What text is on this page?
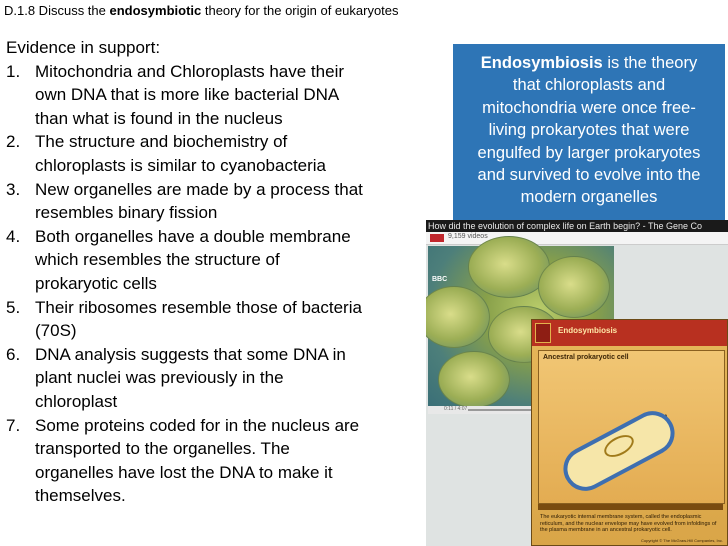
D.1.8 Discuss the endosymbiotic theory for the origin of eukaryotes
Evidence in support:
1. Mitochondria and Chloroplasts have their
own DNA that is more like bacterial DNA
than what is found in the nucleus
2. The structure and biochemistry of
chloroplasts is similar to cyanobacteria
3. New organelles are made by a process that
resembles binary fission
4. Both organelles have a double membrane
which resembles the structure of
prokaryotic cells
5. Their ribosomes resemble those of bacteria
(70S)
6. DNA analysis suggests that some DNA in
plant nuclei was previously in the
chloroplast
7. Some proteins coded for in the nucleus are
transported to the organelles. The
organelles have lost the DNA to make it
themselves.
Endosymbiosis is the theory
that chloroplasts and
mitochondria were once free-
living prokaryotes that were
engulfed by larger prokaryotes
and survived to evolve into the
modern organelles
How did the evolution of complex life on Earth begin? - The Gene Co
9,159 videos
BBC
0:11 / 4:07
Endosymbiosis
Ancestral prokaryotic cell
The eukaryotic internal membrane system, called the endoplasmic reticulum, and the nuclear envelope may have evolved from infoldings of the plasma membrane in an ancestral prokaryotic cell.
Copyright © The McGraw-Hill Companies, Inc.
